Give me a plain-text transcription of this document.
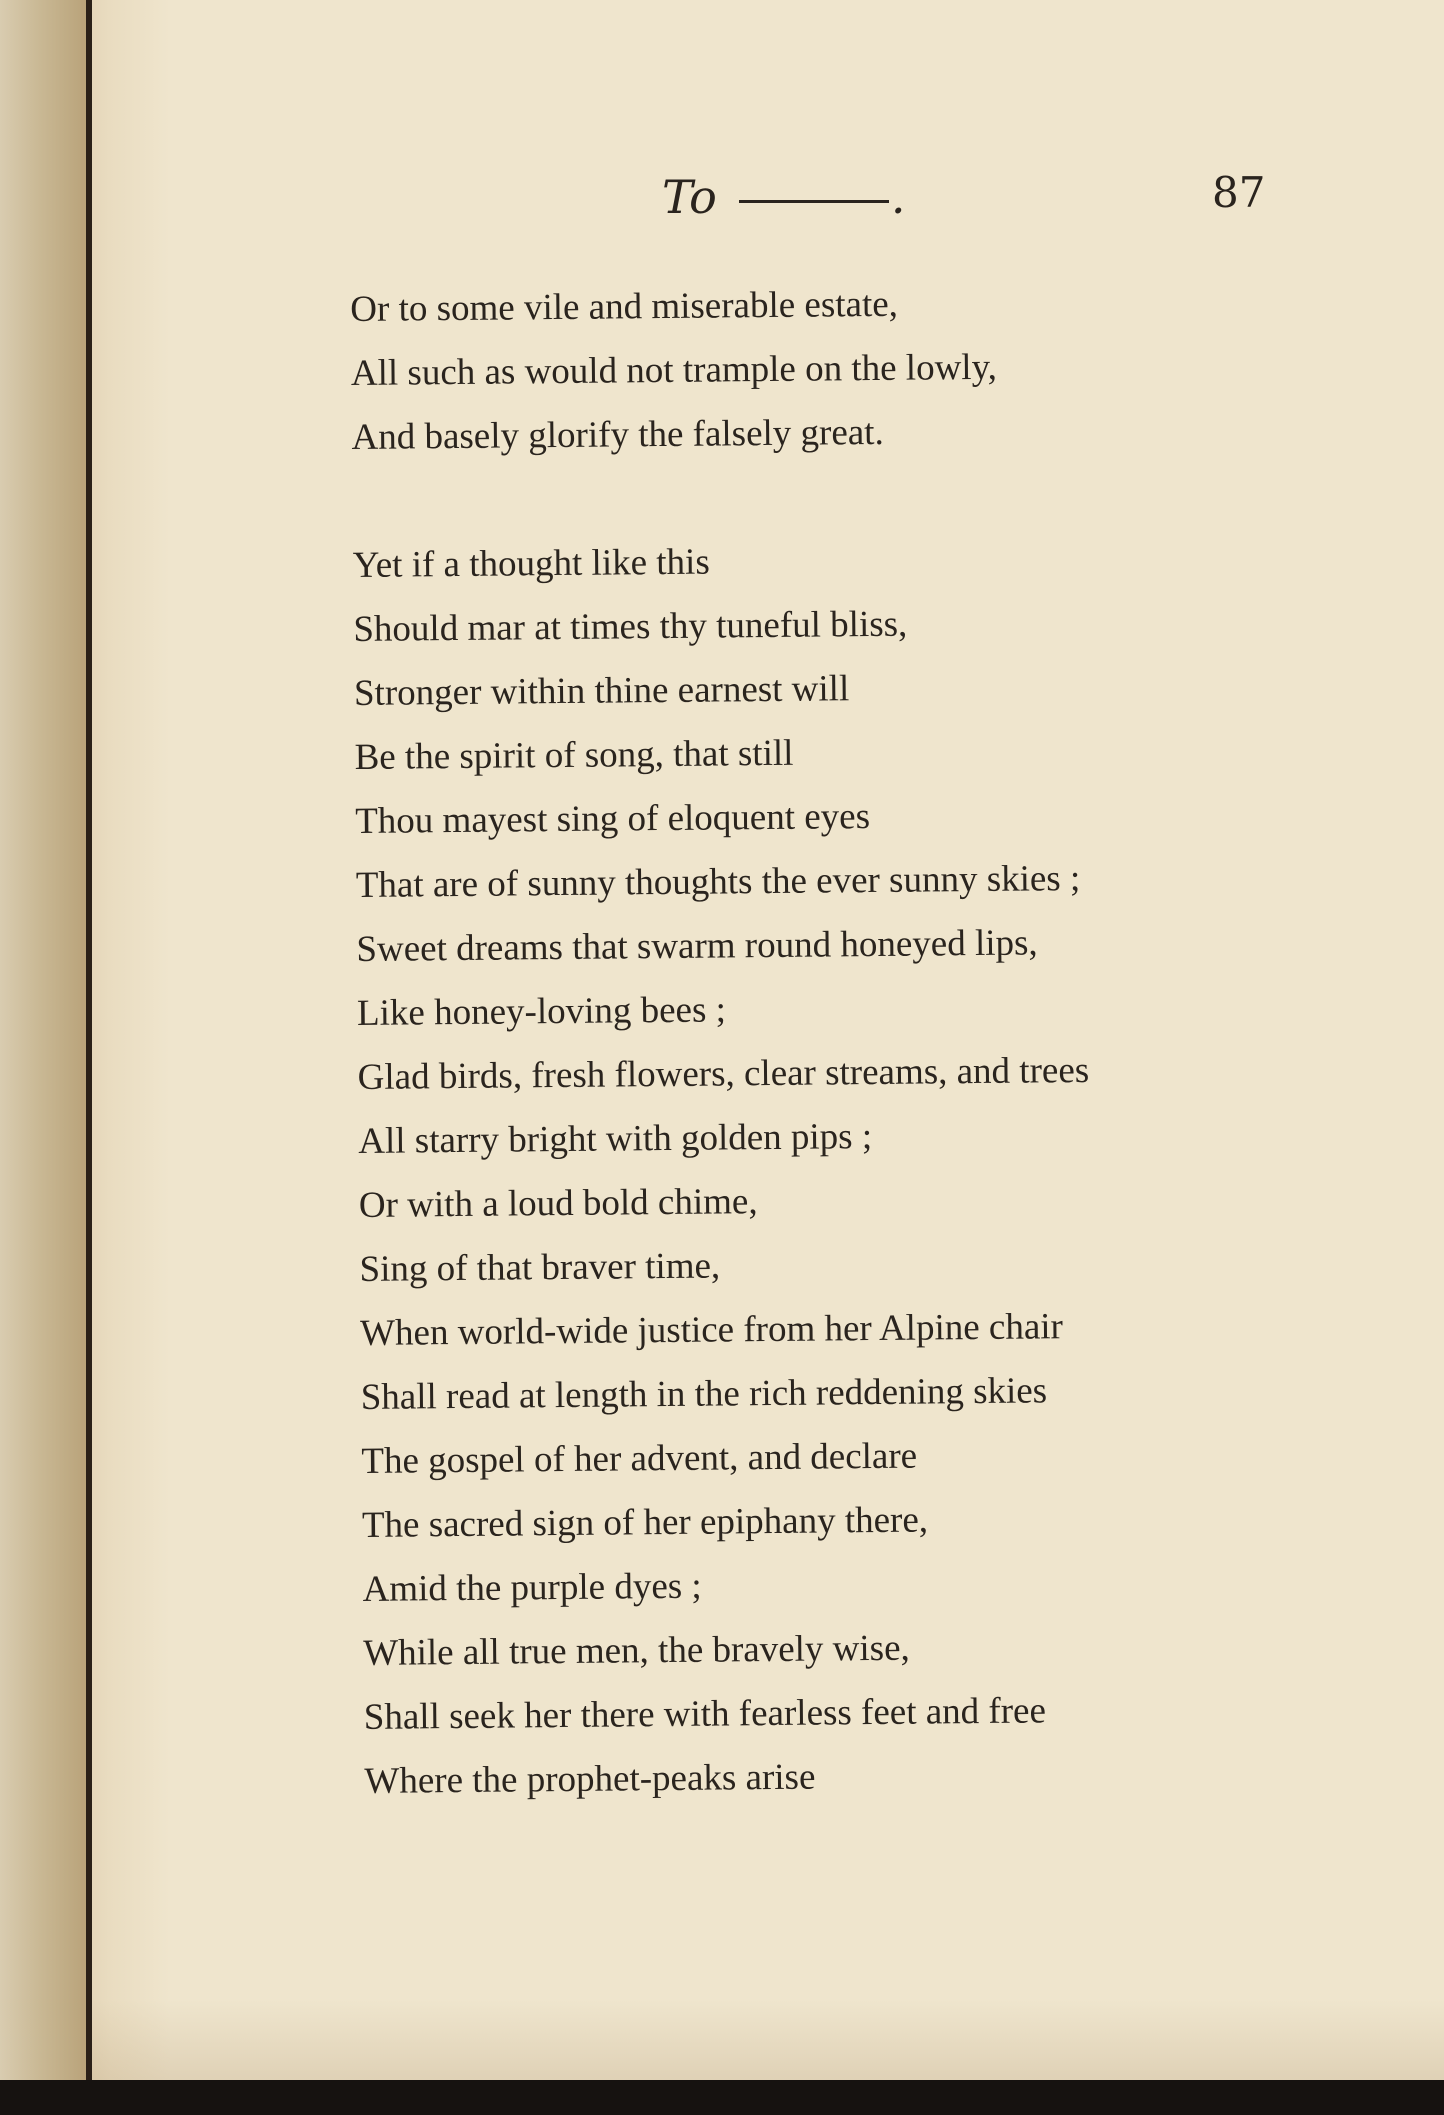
To	.	87
Or to some vile and miserable estate,
All such as would not trample on the lowly,
And basely glorify the falsely great.
Yet if a thought like this
Should mar at times thy tuneful bliss,
Stronger within thine earnest will
Be the spirit of song, that still
Thou mayest sing of eloquent eyes
That are of sunny thoughts the ever sunny skies ;
Sweet dreams that swarm round honeyed lips,
Like honey-loving bees ;
Glad birds, fresh flowers, clear streams, and trees
All starry bright with golden pips ;
Or with a loud bold chime,
Sing of that braver time,
When world-wide justice from her Alpine chair
Shall read at length in the rich reddening skies
The gospel of her advent, and declare
The sacred sign of her epiphany there,
Amid the purple dyes ;
While all true men, the bravely wise,
Shall seek her there with fearless feet and free
Where the prophet-peaks arise
